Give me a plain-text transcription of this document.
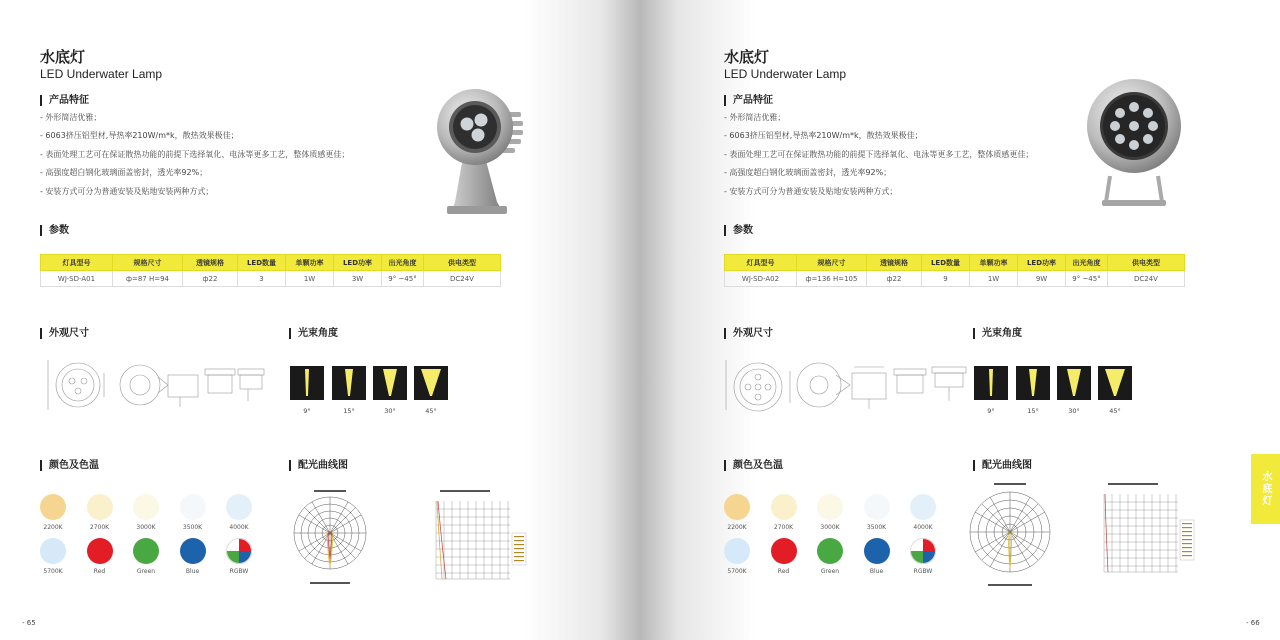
水底灯
LED Underwater Lamp
产品特征
- 外形简洁优雅；
- 6063挤压铝型材,导热率210W/m*k，散热效果极佳；
- 表面处理工艺可在保证散热功能的前提下选择氧化、电泳等更多工艺，整体质感更佳；
- 高强度超白钢化玻璃面盖密封，透光率92%；
- 安装方式可分为普通安装及贴地安装两种方式；
参数
灯具型号	规格尺寸	透镜规格	LED数量	单颗功率	LED功率	出光角度	供电类型
WJ-SD-A01	ф=87 H=94	ф22	3	1W	3W	9° ~45°	DC24V
外观尺寸	光束角度
9°	15°	30°	45°
颜色及色温	配光曲线图
- 65
2200K	2700K	3000K	3500K	4000K
5700K	Red	Green	Blue	RGBW
水底灯
LED Underwater Lamp
产品特征
- 外形简洁优雅；
- 6063挤压铝型材,导热率210W/m*k，散热效果极佳；
- 表面处理工艺可在保证散热功能的前提下选择氧化、电泳等更多工艺，整体质感更佳；
- 高强度超白钢化玻璃面盖密封，透光率92%；
- 安装方式可分为普通安装及贴地安装两种方式；
参数
灯具型号	规格尺寸	透镜规格	LED数量	单颗功率	LED功率	出光角度	供电类型
WJ-SD-A02	ф=136 H=105	ф22	9	1W	9W	9° ~45°	DC24V
外观尺寸	光束角度
9°	15°	30°	45°
颜色及色温	配光曲线图
- 66
2200K	2700K	3000K	3500K	4000K
5700K	Red	Green	Blue	RGBW
水底灯
